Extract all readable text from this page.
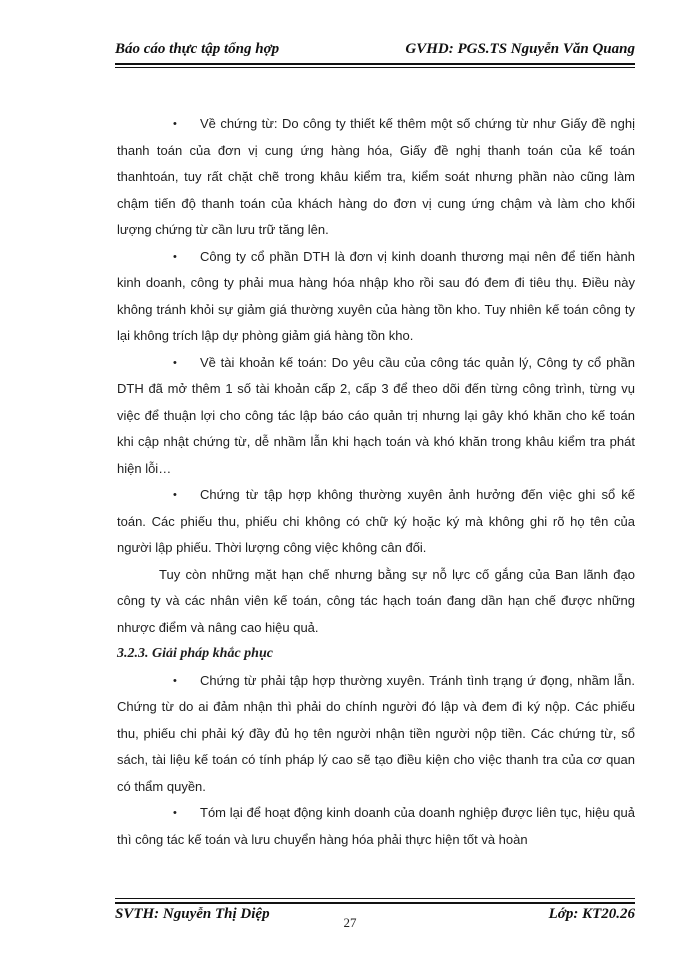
Báo cáo thực tập tổng hợp	GVHD: PGS.TS Nguyễn Văn Quang

• Về chứng từ: Do công ty thiết kế thêm một số chứng từ như Giấy đề nghị thanh toán của đơn vị cung ứng hàng hóa, Giấy đề nghị thanh toán của kế toán thanhtoán, tuy rất chặt chẽ trong khâu kiểm tra, kiểm soát nhưng phần nào cũng làm chậm tiến độ thanh toán của khách hàng do đơn vị cung ứng chậm và làm cho khối lượng chứng từ cần lưu trữ tăng lên.

• Công ty cổ phần DTH là đơn vị kinh doanh thương mại nên để tiến hành kinh doanh, công ty phải mua hàng hóa nhập kho rồi sau đó đem đi tiêu thụ. Điều này không tránh khỏi sự giảm giá thường xuyên của hàng tồn kho. Tuy nhiên kế toán công ty lại không trích lập dự phòng giảm giá hàng tồn kho.

• Về tài khoản kế toán: Do yêu cầu của công tác quản lý, Công ty cổ phần DTH đã mở thêm 1 số tài khoản cấp 2, cấp 3 để theo dõi đến từng công trình, từng vụ việc để thuận lợi cho công tác lập báo cáo quản trị nhưng lại gây khó khăn cho kế toán khi cập nhật chứng từ, dễ nhầm lẫn khi hạch toán và khó khăn trong khâu kiểm tra phát hiện lỗi…

• Chứng từ tập hợp không thường xuyên ảnh hưởng đến việc ghi sổ kế toán. Các phiếu thu, phiếu chi không có chữ ký hoặc ký mà không ghi rõ họ tên của người lập phiếu. Thời lượng công việc không cân đối.

Tuy còn những mặt hạn chế nhưng bằng sự nỗ lực cố gắng của Ban lãnh đạo công ty và các nhân viên kế toán, công tác hạch toán đang dần hạn chế được những nhược điểm và nâng cao hiệu quả.

3.2.3. Giải pháp khắc phục

• Chứng từ phải tập hợp thường xuyên. Tránh tình trạng ứ đọng, nhầm lẫn. Chứng từ do ai đảm nhận thì phải do chính người đó lập và đem đi ký nộp. Các phiếu thu, phiếu chi phải ký đầy đủ họ tên người nhận tiền người nộp tiền. Các chứng từ, sổ sách, tài liệu kế toán có tính pháp lý cao sẽ tạo điều kiện cho việc thanh tra của cơ quan có thẩm quyền.

• Tóm lại để hoạt động kinh doanh của doanh nghiệp được liên tục, hiệu quả thì công tác kế toán và lưu chuyển hàng hóa phải thực hiện tốt và hoàn

SVTH: Nguyễn Thị Diệp	Lớp: KT20.26
27
